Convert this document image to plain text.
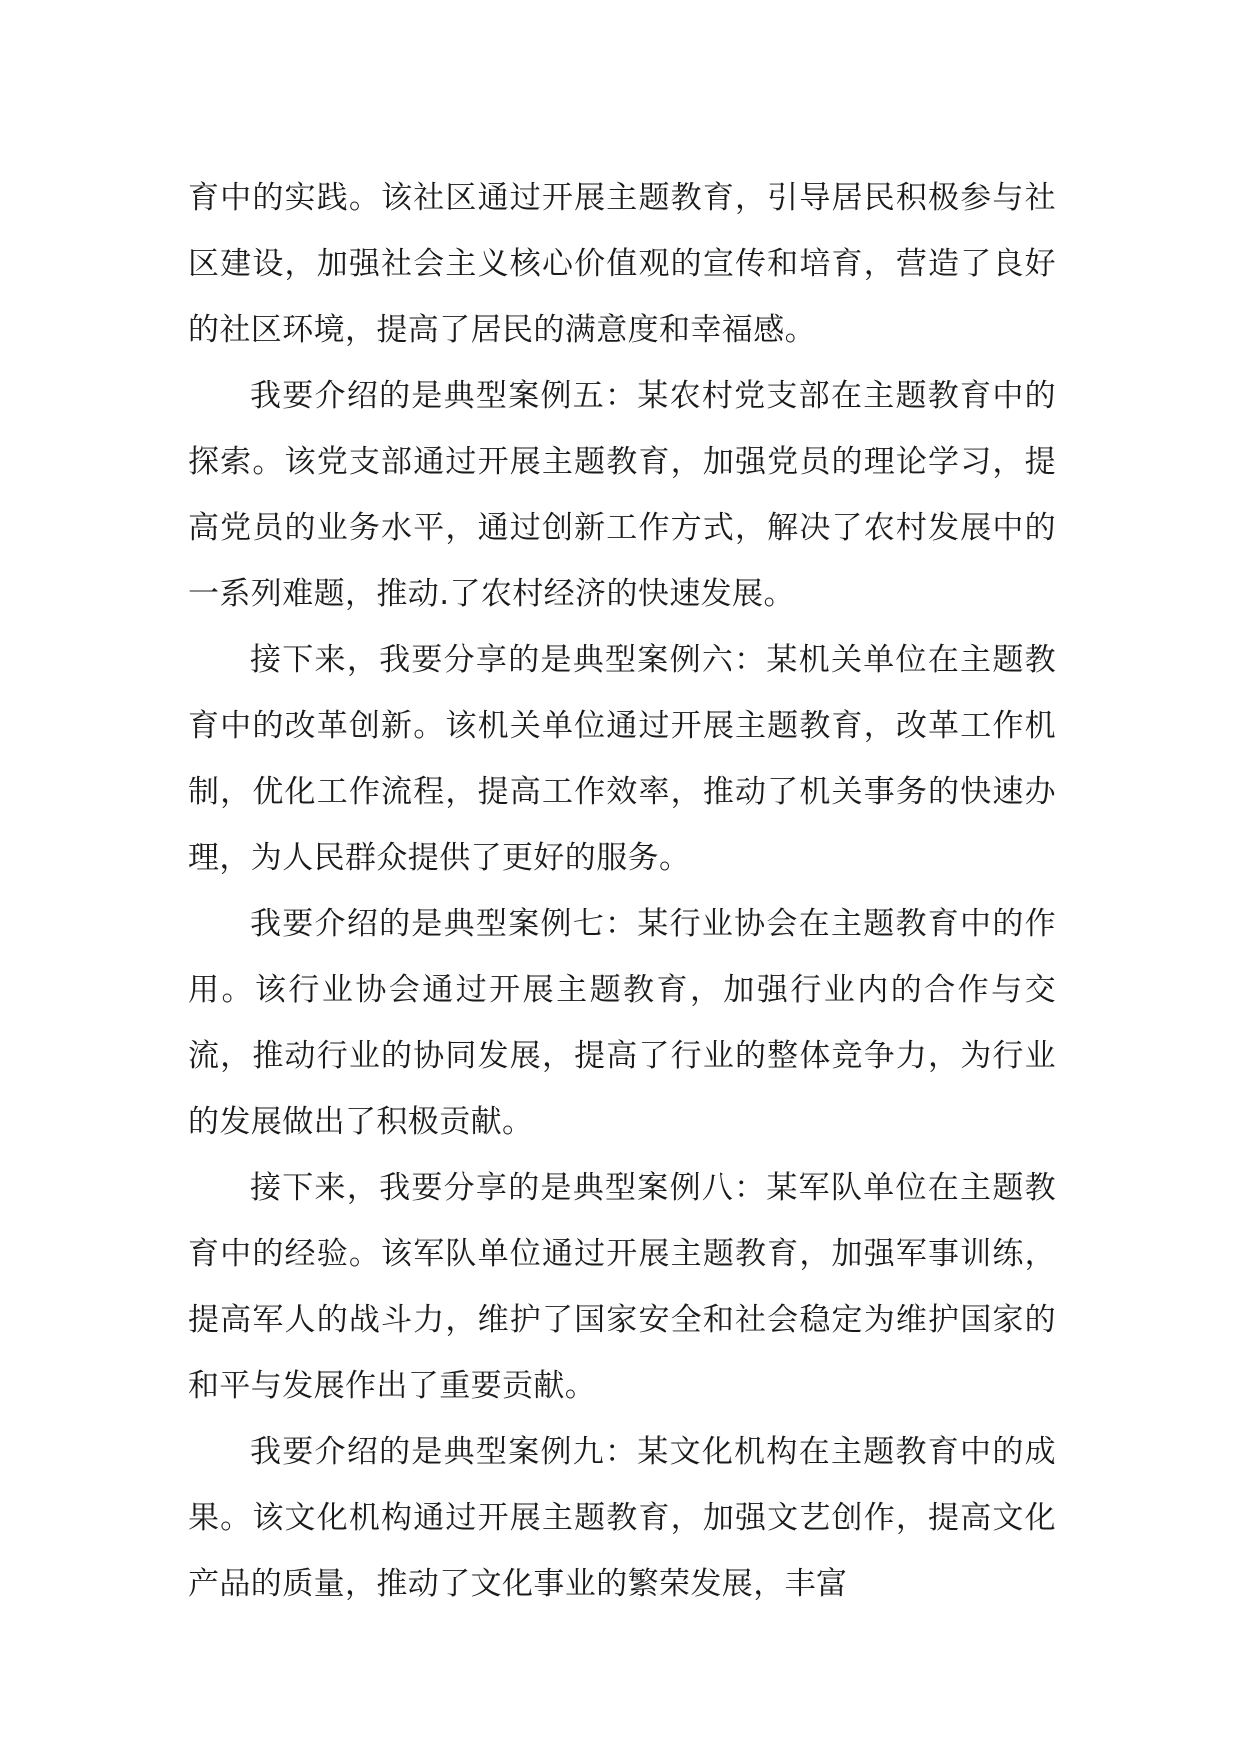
育中的实践。该社区通过开展主题教育，引导居民积极参与社区建设，加强社会主义核心价值观的宣传和培育，营造了良好的社区环境，提高了居民的满意度和幸福感。

我要介绍的是典型案例五：某农村党支部在主题教育中的探索。该党支部通过开展主题教育，加强党员的理论学习，提高党员的业务水平，通过创新工作方式，解决了农村发展中的一系列难题，推动.了农村经济的快速发展。

接下来，我要分享的是典型案例六：某机关单位在主题教育中的改革创新。该机关单位通过开展主题教育，改革工作机制，优化工作流程，提高工作效率，推动了机关事务的快速办理，为人民群众提供了更好的服务。

我要介绍的是典型案例七：某行业协会在主题教育中的作用。该行业协会通过开展主题教育，加强行业内的合作与交流，推动行业的协同发展，提高了行业的整体竞争力，为行业的发展做出了积极贡献。

接下来，我要分享的是典型案例八：某军队单位在主题教育中的经验。该军队单位通过开展主题教育，加强军事训练，提高军人的战斗力，维护了国家安全和社会稳定为维护国家的和平与发展作出了重要贡献。

我要介绍的是典型案例九：某文化机构在主题教育中的成果。该文化机构通过开展主题教育，加强文艺创作，提高文化产品的质量，推动了文化事业的繁荣发展，丰富
